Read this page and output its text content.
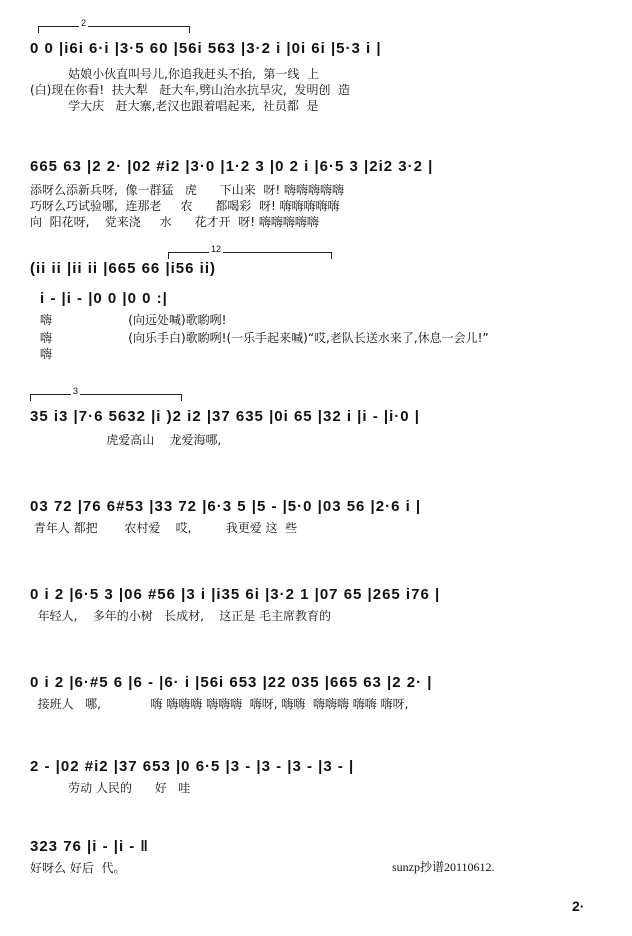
2
0 0 |i6i 6·i |3·5 60 |56i 563 |3·2 i |0i 6i |5·3 i |
姑娘小伙直叫号儿,你追我赶头不抬,  第一线  上
(白)现在你看!  扶大犁   赶大车,劈山治水抗旱灾,  发明创  造
学大庆   赶大寨,老汉也跟着唱起来,  社员都  是
665 63 |2 2· |02 #i2 |3·0 |1·2 3 |0 2 i |6·5 3 |2i2 3·2 |
添呀么添新兵呀,  像一群猛   虎      下山来  呀! 嗨嗨嗨嗨嗨
巧呀么巧试验哪,  连那老     农      都喝彩  呀! 嗨嗨嗨嗨嗨
向  阳花呀,    党来浇     水      花才开  呀! 嗨嗨嗨嗨嗨
12
(ii ii |ii ii |665 66 |i56 ii)
i - |i - |0 0 |0 0 :|
嗨                    (向远处喊)歌喲咧!
嗨                    (向乐手白)歌喲咧!(一乐手起来喊)“哎,老队长送水来了,休息一会儿!”
嗨
3
35 i3 |7·6 5632 |i )2 i2 |37 635 |0i 65 |32 i |i - |i·0 |
虎爱高山    龙爱海哪,
03 72 |76 6#53 |33 72 |6·3 5 |5 - |5·0 |03 56 |2·6 i |
青年人 都把       农村爱    哎,         我更爱 这  些
0 i 2 |6·5 3 |06 #56 |3 i |i35 6i |3·2 1 |07 65 |265 i76 |
年轻人,    多年的小树   长成材,    这正是 毛主席教育的
0 i 2 |6·#5 6 |6 - |6· i |56i 653 |22 035 |665 63 |2 2· |
接班人   哪,             嗨 嗨嗨嗨 嗨嗨嗨  嗨呀, 嗨嗨  嗨嗨嗨 嗨嗨 嗨呀,
2 - |02 #i2 |37 653 |0 6·5 |3 - |3 - |3 - |3 - |
劳动 人民的      好   哇
323 76 |i - |i - ‖
好呀么 好后  代。	sunzp抄谱20110612.
2·
